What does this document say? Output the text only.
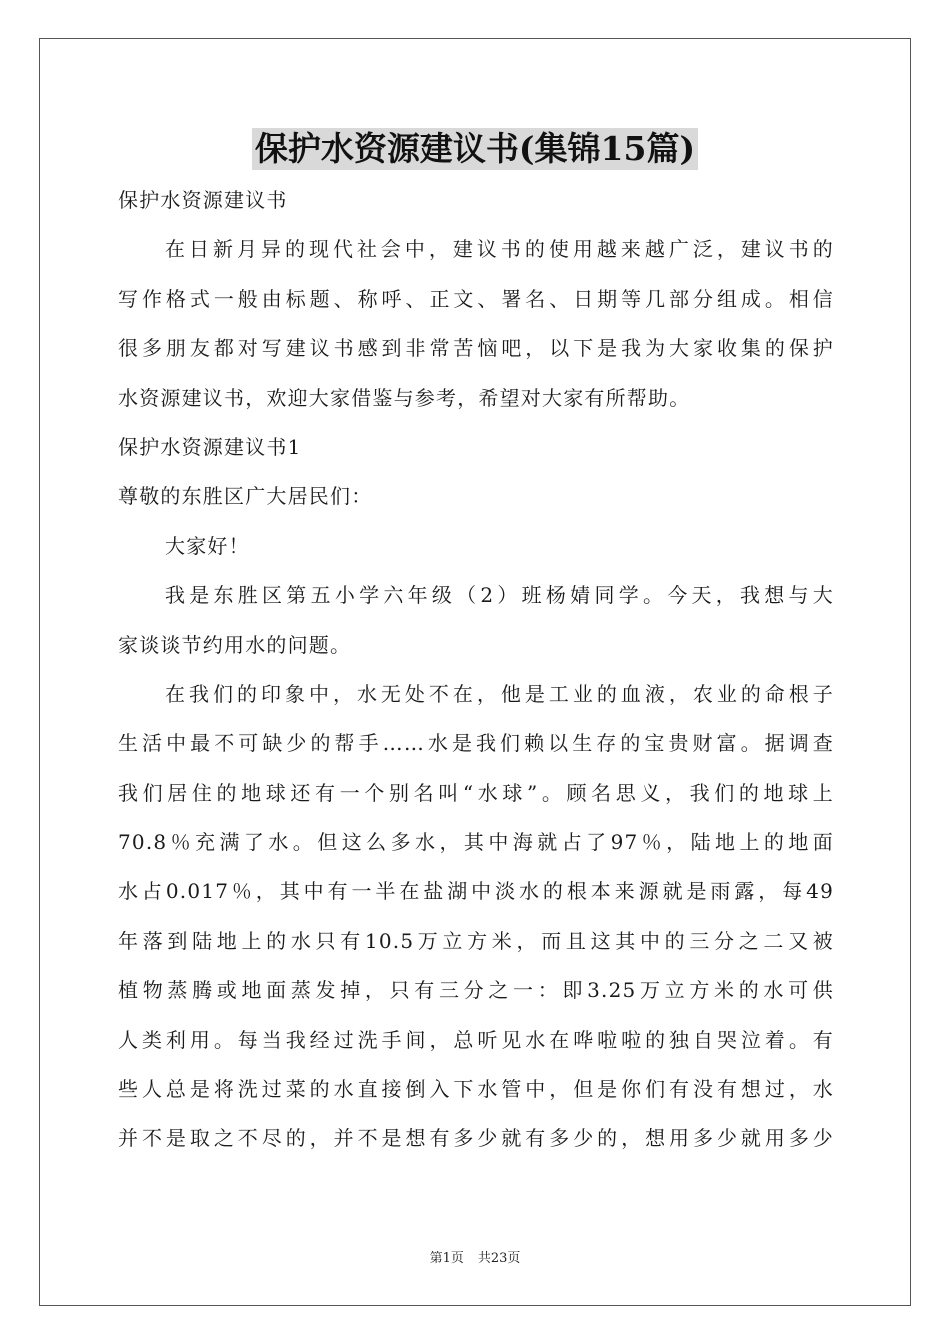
保护水资源建议书(集锦15篇)
保护水资源建议书
在日新月异的现代社会中，建议书的使用越来越广泛，建议书的
写作格式一般由标题、称呼、正文、署名、日期等几部分组成。相信
很多朋友都对写建议书感到非常苦恼吧，以下是我为大家收集的保护
水资源建议书，欢迎大家借鉴与参考，希望对大家有所帮助。
保护水资源建议书1
尊敬的东胜区广大居民们：
大家好！
我是东胜区第五小学六年级（2）班杨婧同学。今天，我想与大
家谈谈节约用水的问题。
在我们的印象中，水无处不在，他是工业的血液，农业的命根子
生活中最不可缺少的帮手……水是我们赖以生存的宝贵财富。据调查
我们居住的地球还有一个别名叫“水球”。顾名思义，我们的地球上
70.8％充满了水。但这么多水，其中海就占了97％，陆地上的地面
水占0.017％，其中有一半在盐湖中淡水的根本来源就是雨露，每49
年落到陆地上的水只有10.5万立方米，而且这其中的三分之二又被
植物蒸腾或地面蒸发掉，只有三分之一：即3.25万立方米的水可供
人类利用。每当我经过洗手间，总听见水在哗啦啦的独自哭泣着。有
些人总是将洗过菜的水直接倒入下水管中，但是你们有没有想过，水
并不是取之不尽的，并不是想有多少就有多少的，想用多少就用多少
第1页 共23页
